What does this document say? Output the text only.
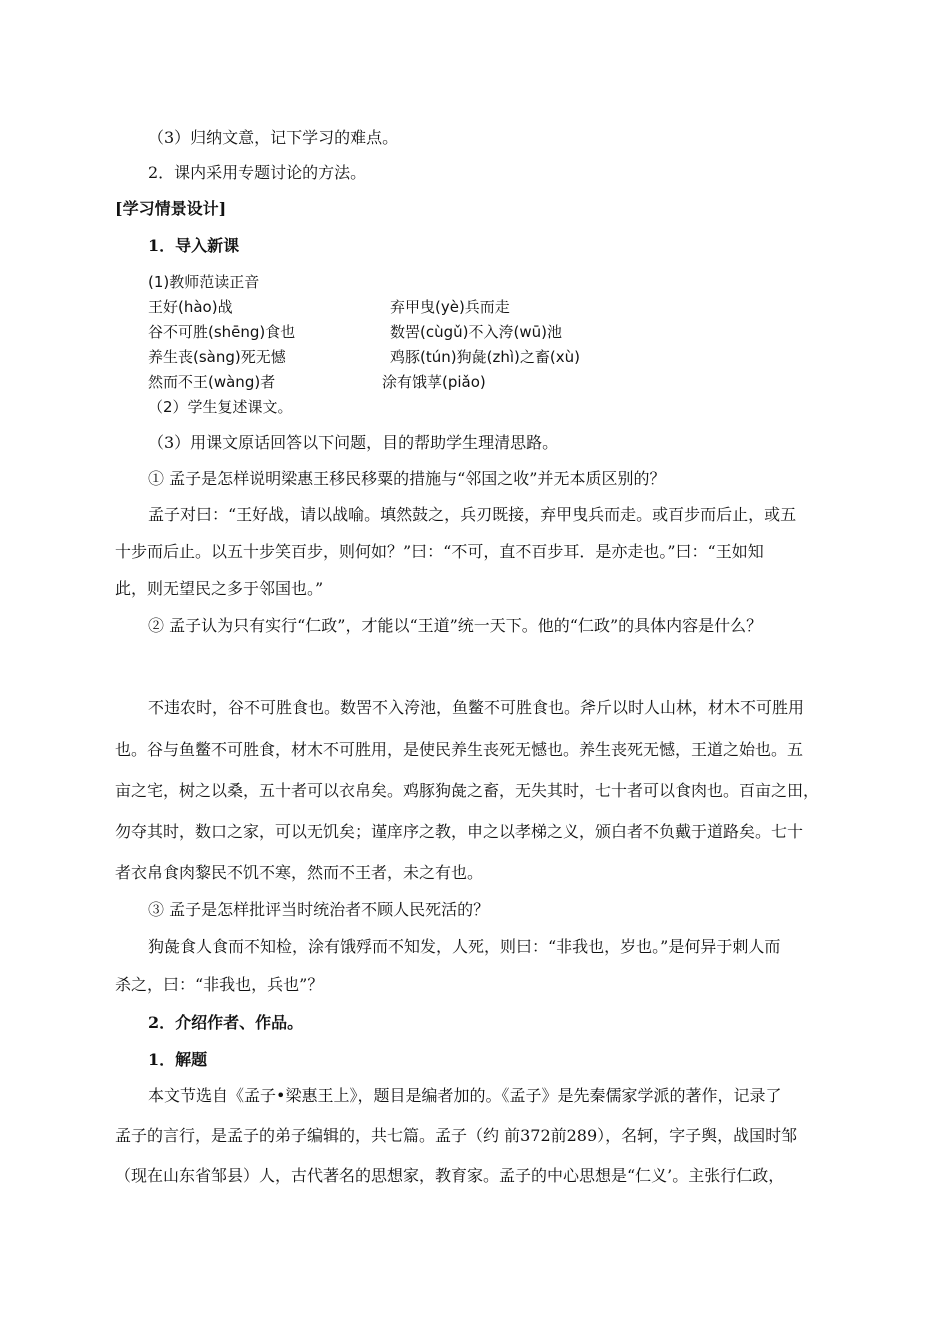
（3）归纳文意，记下学习的难点。
2．课内采用专题讨论的方法。
[学习情景设计]
1．导入新课
(1)教师范读正音
王好(hào)战	弃甲曳(yè)兵而走
谷不可胜(shēng)食也	数罟(cùgǔ)不入洿(wū)池
养生丧(sàng)死无憾	鸡豚(tún)狗彘(zhì)之畜(xù)
然而不王(wàng)者	涂有饿莩(piǎo)
（2）学生复述课文。
（3）用课文原话回答以下问题，目的帮助学生理清思路。
① 孟子是怎样说明梁惠王移民移粟的措施与“邻国之收”并无本质区别的？
孟子对曰：“王好战，请以战喻。填然鼓之，兵刃既接，弃甲曳兵而走。或百步而后止，或五
十步而后止。以五十步笑百步，则何如？”曰：“不可，直不百步耳．是亦走也。”曰：“王如知
此，则无望民之多于邻国也。”
② 孟子认为只有实行“仁政”，才能以“王道”统一天下。他的“仁政”的具体内容是什么？
不违农时，谷不可胜食也。数罟不入洿池，鱼鳖不可胜食也。斧斤以时人山林，材木不可胜用
也。谷与鱼鳖不可胜食，材木不可胜用，是使民养生丧死无憾也。养生丧死无憾，王道之始也。五
亩之宅，树之以桑，五十者可以衣帛矣。鸡豚狗彘之畜，无失其时，七十者可以食肉也。百亩之田，
勿夺其时，数口之家，可以无饥矣；谨庠序之教，申之以孝梯之义，颁白者不负戴于道路矣。七十
者衣帛食肉黎民不饥不寒，然而不王者，未之有也。
③ 孟子是怎样批评当时统治者不顾人民死活的？
狗彘食人食而不知检，涂有饿殍而不知发，人死，则曰：“非我也，岁也。”是何异于刺人而
杀之，曰：“非我也，兵也”？
2．介绍作者、作品。
1．解题
本文节选自《孟子•梁惠王上》，题目是编者加的。《孟子》是先秦儒家学派的著作，记录了
孟子的言行，是孟子的弟子编辑的，共七篇。孟子（约 前372前289），名轲，字子舆，战国时邹
（现在山东省邹县）人，古代著名的思想家，教育家。孟子的中心思想是“仁义’。主张行仁政，
